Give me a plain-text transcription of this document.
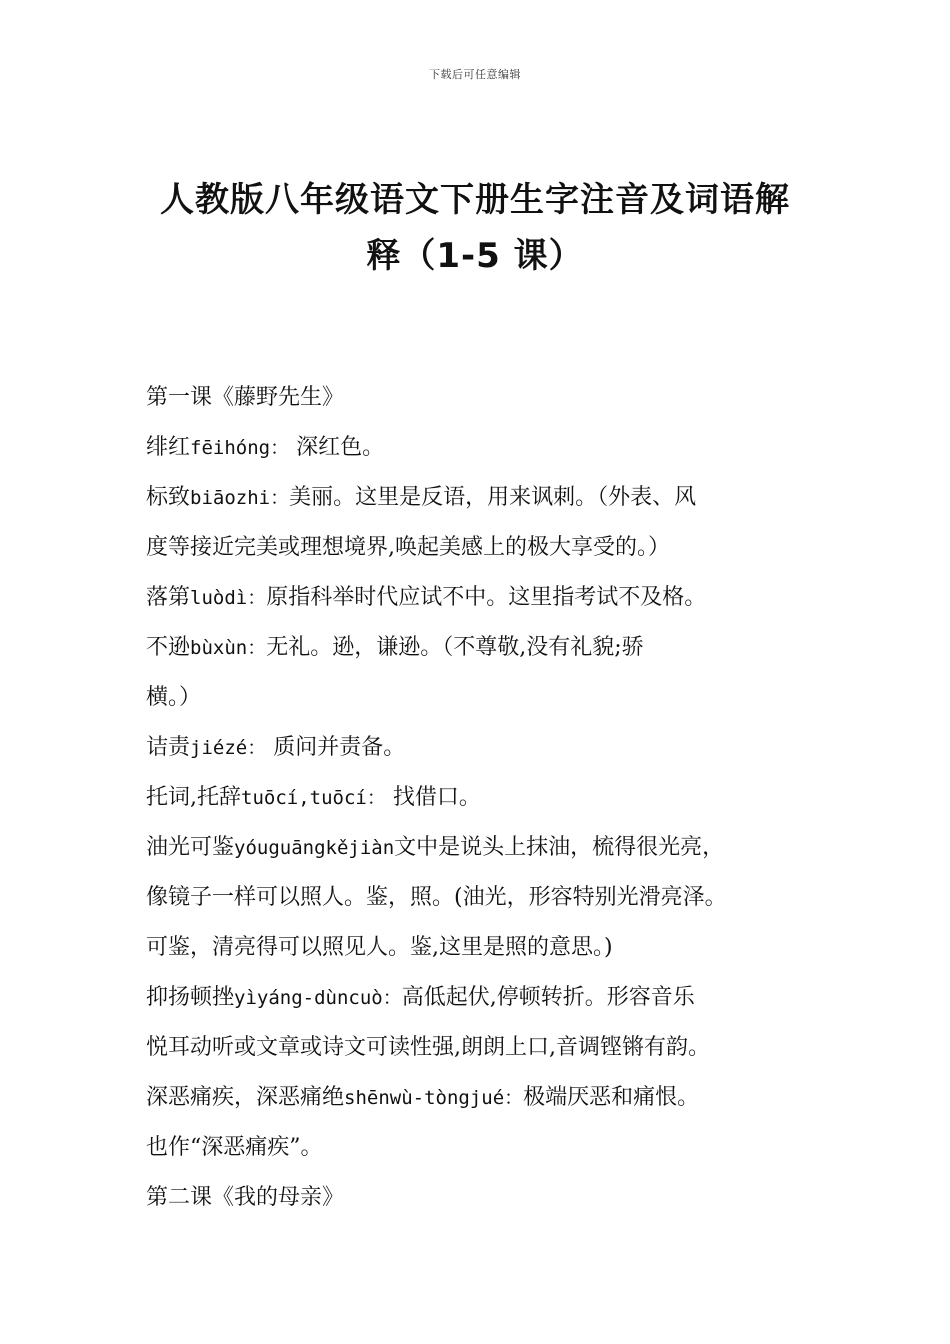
下载后可任意编辑
人教版八年级语文下册生字注音及词语解
释（1-5 课）
第一课《藤野先生》
绯红fēihóng： 深红色。
标致biāozhi：美丽。这里是反语，用来讽刺。（外表、风
度等接近完美或理想境界,唤起美感上的极大享受的。）
落第luòdì：原指科举时代应试不中。这里指考试不及格。
不逊bùxùn：无礼。逊，谦逊。（不尊敬,没有礼貌;骄
横。）
诘责jiézé： 质问并责备。
托词,托辞tuōcí,tuōcí： 找借口。
油光可鉴yóuguāngkějiàn文中是说头上抹油，梳得很光亮，
像镜子一样可以照人。鉴，照。(油光，形容特别光滑亮泽。
可鉴，清亮得可以照见人。鉴,这里是照的意思。)
抑扬顿挫yìyáng-dùncuò：高低起伏,停顿转折。形容音乐
悦耳动听或文章或诗文可读性强,朗朗上口,音调铿锵有韵。
深恶痛疾，深恶痛绝shēnwù-tòngjué：极端厌恶和痛恨。
也作“深恶痛疾”。
第二课《我的母亲》
